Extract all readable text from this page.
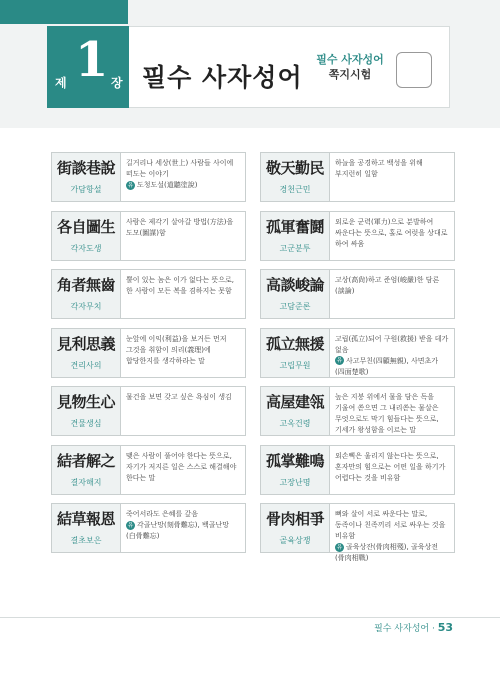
제 1 장 필수 사자성어
필수 사자성어
쪽지시험
街談巷說
가담항설
길거리나 세상(世上) 사람들 사이에 떠도는 이야기
유 도청도설(道聽塗說)
各自圖生
각자도생
사람은 제각기 살아갈 방법(方法)을 도모(圖謀)함
角者無齒
각자무치
뿔이 있는 놈은 이가 없다는 뜻으로, 한 사람이 모든 복을 겸하지는 못함
見利思義
견리사의
눈앞에 이익(利益)을 보거든 먼저 그것을 취함이 의리(義理)에 합당한지를 생각하라는 말
見物生心
견물생심
물건을 보면 갖고 싶은 욕심이 생김
結者解之
결자해지
맺은 사람이 풀어야 한다는 뜻으로, 자기가 저지른 일은 스스로 해결해야 한다는 말
結草報恩
결초보은
죽어서라도 은혜를 갚음
유 각골난망(刻骨難忘), 백골난망(白骨難忘)
敬天勤民
경천근민
하늘을 공경하고 백성을 위해 부지런히 일함
孤軍奮鬪
고군분투
외로운 군력(軍力)으로 분발하여 싸운다는 뜻으로, 홀로 여럿을 상대로 하여 싸움
高談峻論
고담준론
고상(高尙)하고 준엄(峻嚴)한 담론(談論)
孤立無援
고립무원
고립(孤立)되어 구원(救援) 받을 데가 없음
유 사고무친(四顧無親), 사면초가(四面楚歌)
高屋建瓴
고옥건령
높은 지붕 위에서 물을 담은 독을 기울여 쏟으면 그 내리쏟는 물살은 무엇으로도 막기 힘들다는 뜻으로, 기세가 왕성함을 이르는 말
孤掌難鳴
고장난명
외손뼉은 울리지 않는다는 뜻으로, 혼자만의 힘으로는 어떤 일을 하기가 어렵다는 것을 비유함
骨肉相爭
골육상쟁
뼈와 살이 서로 싸운다는 말로, 동족이나 친족끼리 서로 싸우는 것을 비유함
유 골육상잔(骨肉相殘), 골육상전(骨肉相戰)
필수 사자성어 · 53
